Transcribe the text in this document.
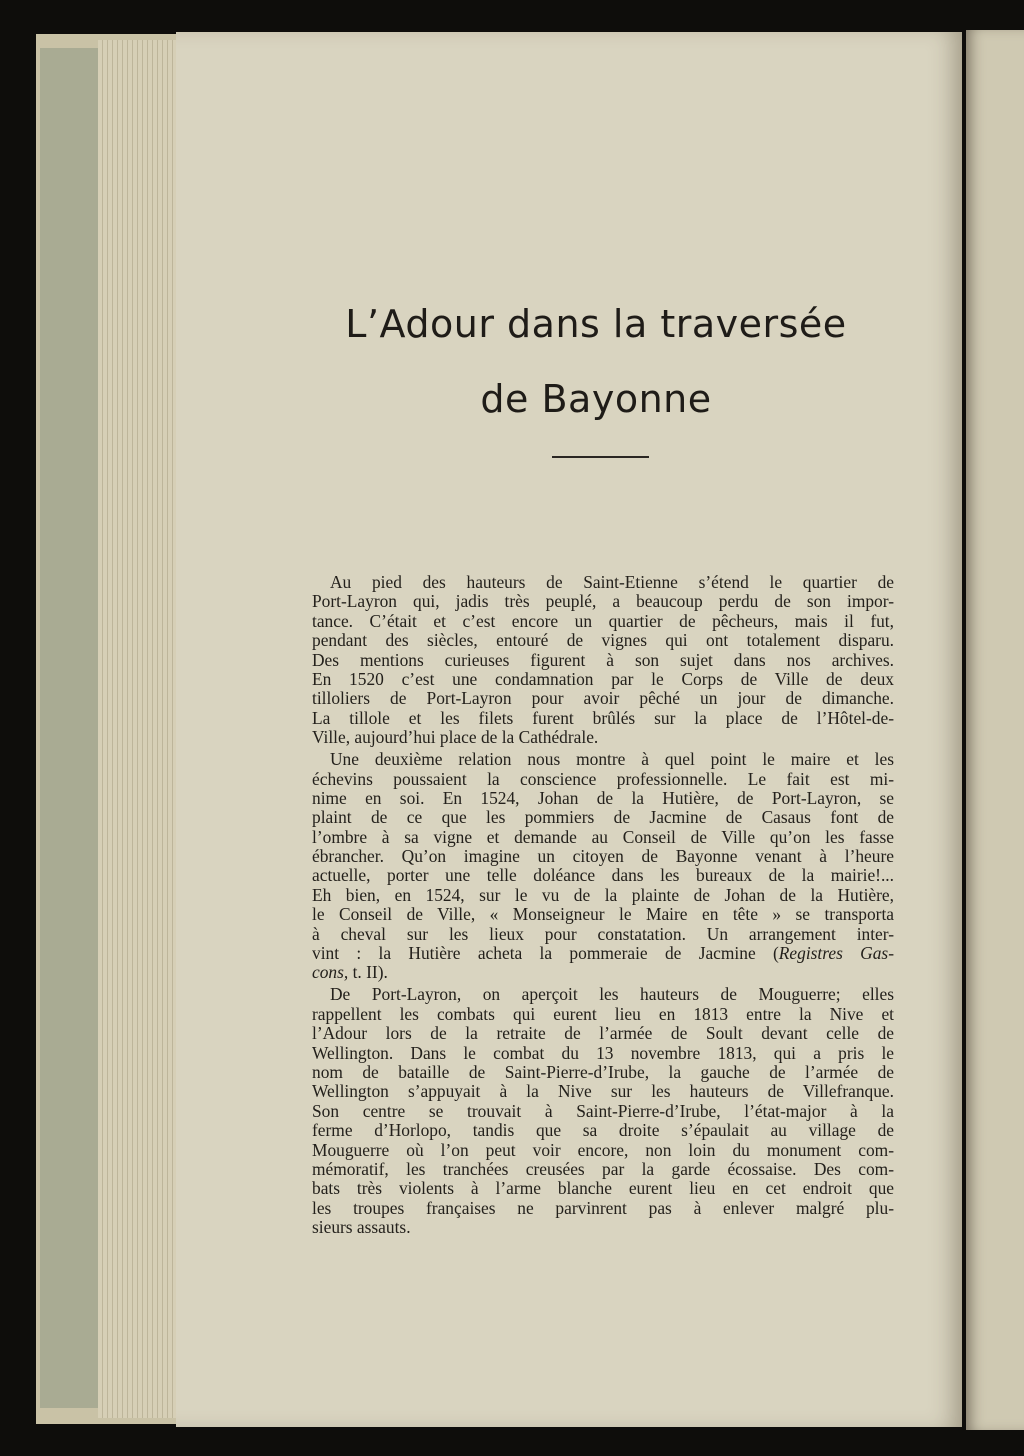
L’Adour dans la traversée
de Bayonne
Au pied des hauteurs de Saint-Etienne s’étend le quartier de
Port-Layron qui, jadis très peuplé, a beaucoup perdu de son impor-
tance. C’était et c’est encore un quartier de pêcheurs, mais il fut,
pendant des siècles, entouré de vignes qui ont totalement disparu.
Des mentions curieuses figurent à son sujet dans nos archives.
En 1520 c’est une condamnation par le Corps de Ville de deux
tilloliers de Port-Layron pour avoir pêché un jour de dimanche.
La tillole et les filets furent brûlés sur la place de l’Hôtel-de-
Ville, aujourd’hui place de la Cathédrale.
Une deuxième relation nous montre à quel point le maire et les
échevins poussaient la conscience professionnelle. Le fait est mi-
nime en soi. En 1524, Johan de la Hutière, de Port-Layron, se
plaint de ce que les pommiers de Jacmine de Casaus font de
l’ombre à sa vigne et demande au Conseil de Ville qu’on les fasse
ébrancher. Qu’on imagine un citoyen de Bayonne venant à l’heure
actuelle, porter une telle doléance dans les bureaux de la mairie!...
Eh bien, en 1524, sur le vu de la plainte de Johan de la Hutière,
le Conseil de Ville, « Monseigneur le Maire en tête » se transporta
à cheval sur les lieux pour constatation. Un arrangement inter-
vint : la Hutière acheta la pommeraie de Jacmine (Registres Gas-
cons, t. II).
De Port-Layron, on aperçoit les hauteurs de Mouguerre; elles
rappellent les combats qui eurent lieu en 1813 entre la Nive et
l’Adour lors de la retraite de l’armée de Soult devant celle de
Wellington. Dans le combat du 13 novembre 1813, qui a pris le
nom de bataille de Saint-Pierre-d’Irube, la gauche de l’armée de
Wellington s’appuyait à la Nive sur les hauteurs de Villefranque.
Son centre se trouvait à Saint-Pierre-d’Irube, l’état-major à la
ferme d’Horlopo, tandis que sa droite s’épaulait au village de
Mouguerre où l’on peut voir encore, non loin du monument com-
mémoratif, les tranchées creusées par la garde écossaise. Des com-
bats très violents à l’arme blanche eurent lieu en cet endroit que
les troupes françaises ne parvinrent pas à enlever malgré plu-
sieurs assauts.
